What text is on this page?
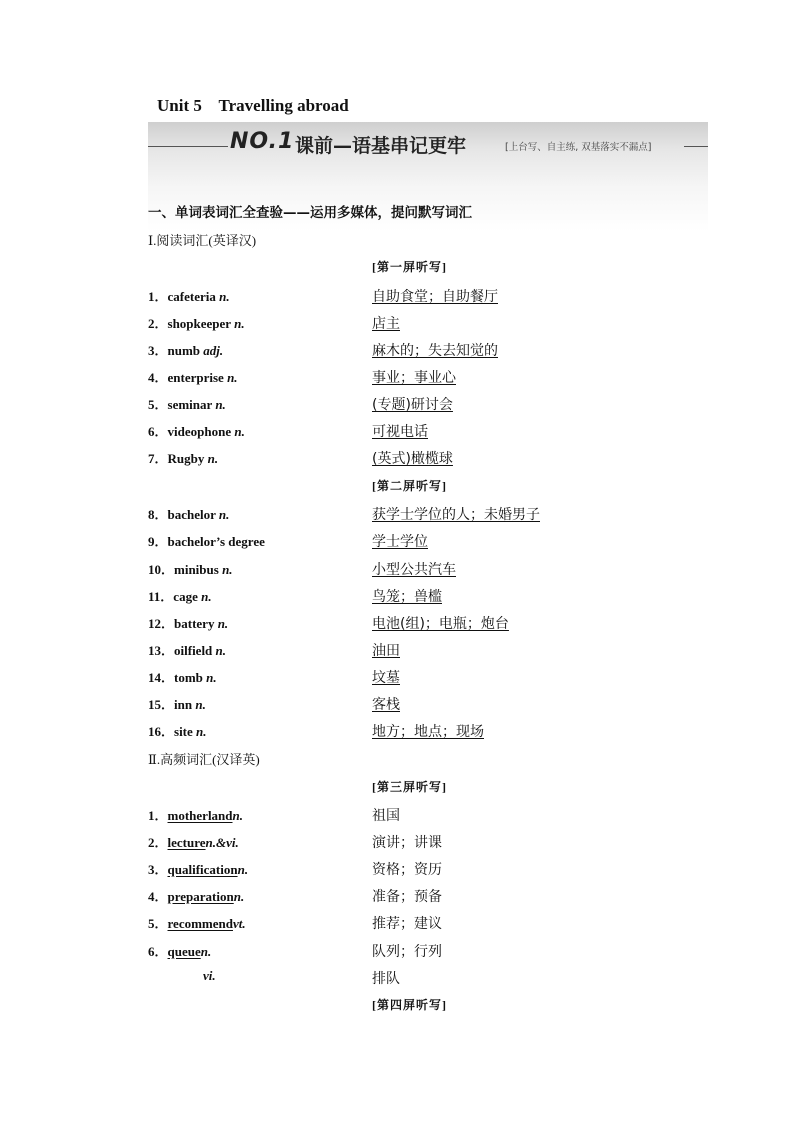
Unit 5    Travelling abroad
NO.1 课前—语基串记更牢	[上台写、自主练, 双基落实不漏点]
一、单词表词汇全查验——运用多媒体，提问默写词汇
Ⅰ.阅读词汇(英译汉)
[第一屏听写]
[第二屏听写]
Ⅱ.高频词汇(汉译英)
[第三屏听写]
[第四屏听写]
1．cafeteria n.	自助食堂；自助餐厅
2．shopkeeper n.	店主
3．numb adj.	麻木的；失去知觉的
4．enterprise n.	事业；事业心
5．seminar n.	(专题)研讨会
6．videophone n.	可视电话
7．Rugby n.	(英式)橄榄球
8．bachelor n.	获学士学位的人；未婚男子
9．bachelor’s degree	学士学位
10．minibus n.	小型公共汽车
11．cage n.	鸟笼；兽槛
12．battery n.	电池(组)；电瓶；炮台
13．oilfield n.	油田
14．tomb n.	坟墓
15．inn n.	客栈
16．site n.	地方；地点；现场
1．motherlandn.	祖国
2．lecturen.&vi.	演讲；讲课
3．qualificationn.	资格；资历
4．preparationn.	准备；预备
5．recommendvt.	推荐；建议
6．queuen.	队列；行列
vi.	排队
